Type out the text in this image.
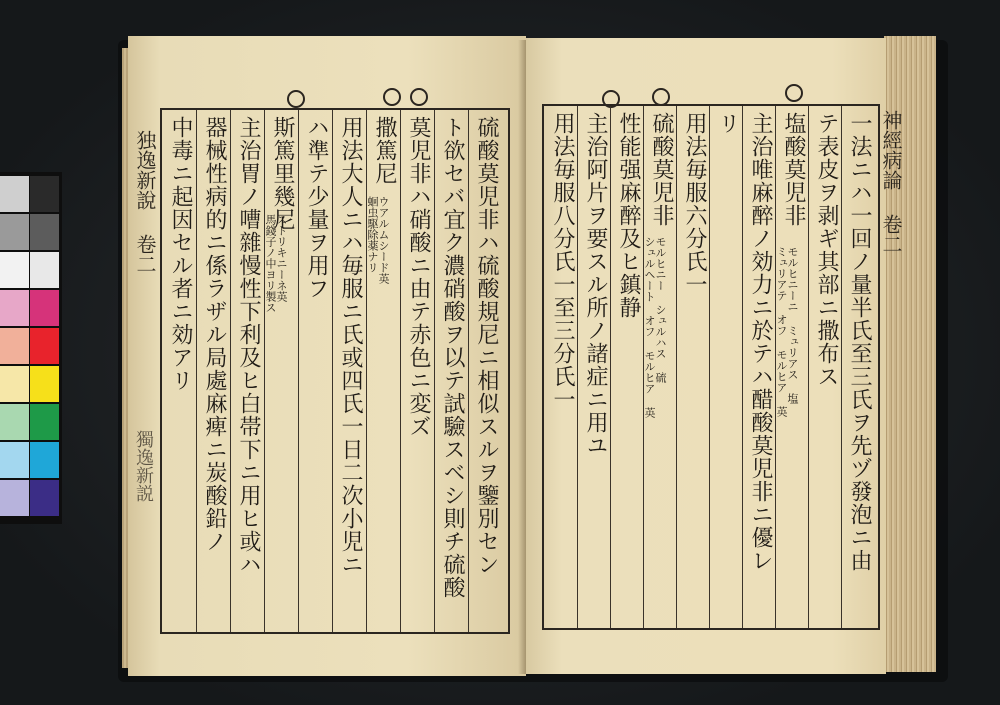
硫酸莫児非ハ硫酸規尼ニ相似スルヲ鑒別セン
ト欲セバ宜ク濃硝酸ヲ以テ試驗スベシ則チ硫酸
莫児非ハ硝酸ニ由テ赤色ニ変ズ
撒篤尼
ウアルムシード英
蛔虫駆除薬ナリ
用法大人ニハ毎服ニ氏或四氏一日二次小児ニ
ハ準テ少量ヲ用フ
斯篤里幾尼
ストリキニーネ英
馬錢子ノ中ヨリ製ス
主治胃ノ嘈雜慢性下利及ヒ白帯下ニ用ヒ或ハ
器械性病的ニ係ラザル局處麻痺ニ炭酸鉛ノ
中毒ニ起因セル者ニ効アリ
独逸新說 卷二
獨逸新説	一法ニハ一回ノ量半氏至三氏ヲ先ヅ發泡ニ由
テ表皮ヲ剥ギ其部ニ撒布ス
塩酸莫児非
モルヒニーニ ミュリアス 塩
ミュリアテ オフ モルヒア 英
主治唯麻醉ノ効力ニ於テハ醋酸莫児非ニ優レ
リ
用法毎服六分氏一
硫酸莫児非
モルヒニー シュルハス 硫
シュルヘート オフ モルヒア 英
性能强麻醉及ヒ鎮静
主治阿片ヲ要スル所ノ諸症ニ用ユ
用法毎服八分氏一至三分氏一	神經病論 卷二
